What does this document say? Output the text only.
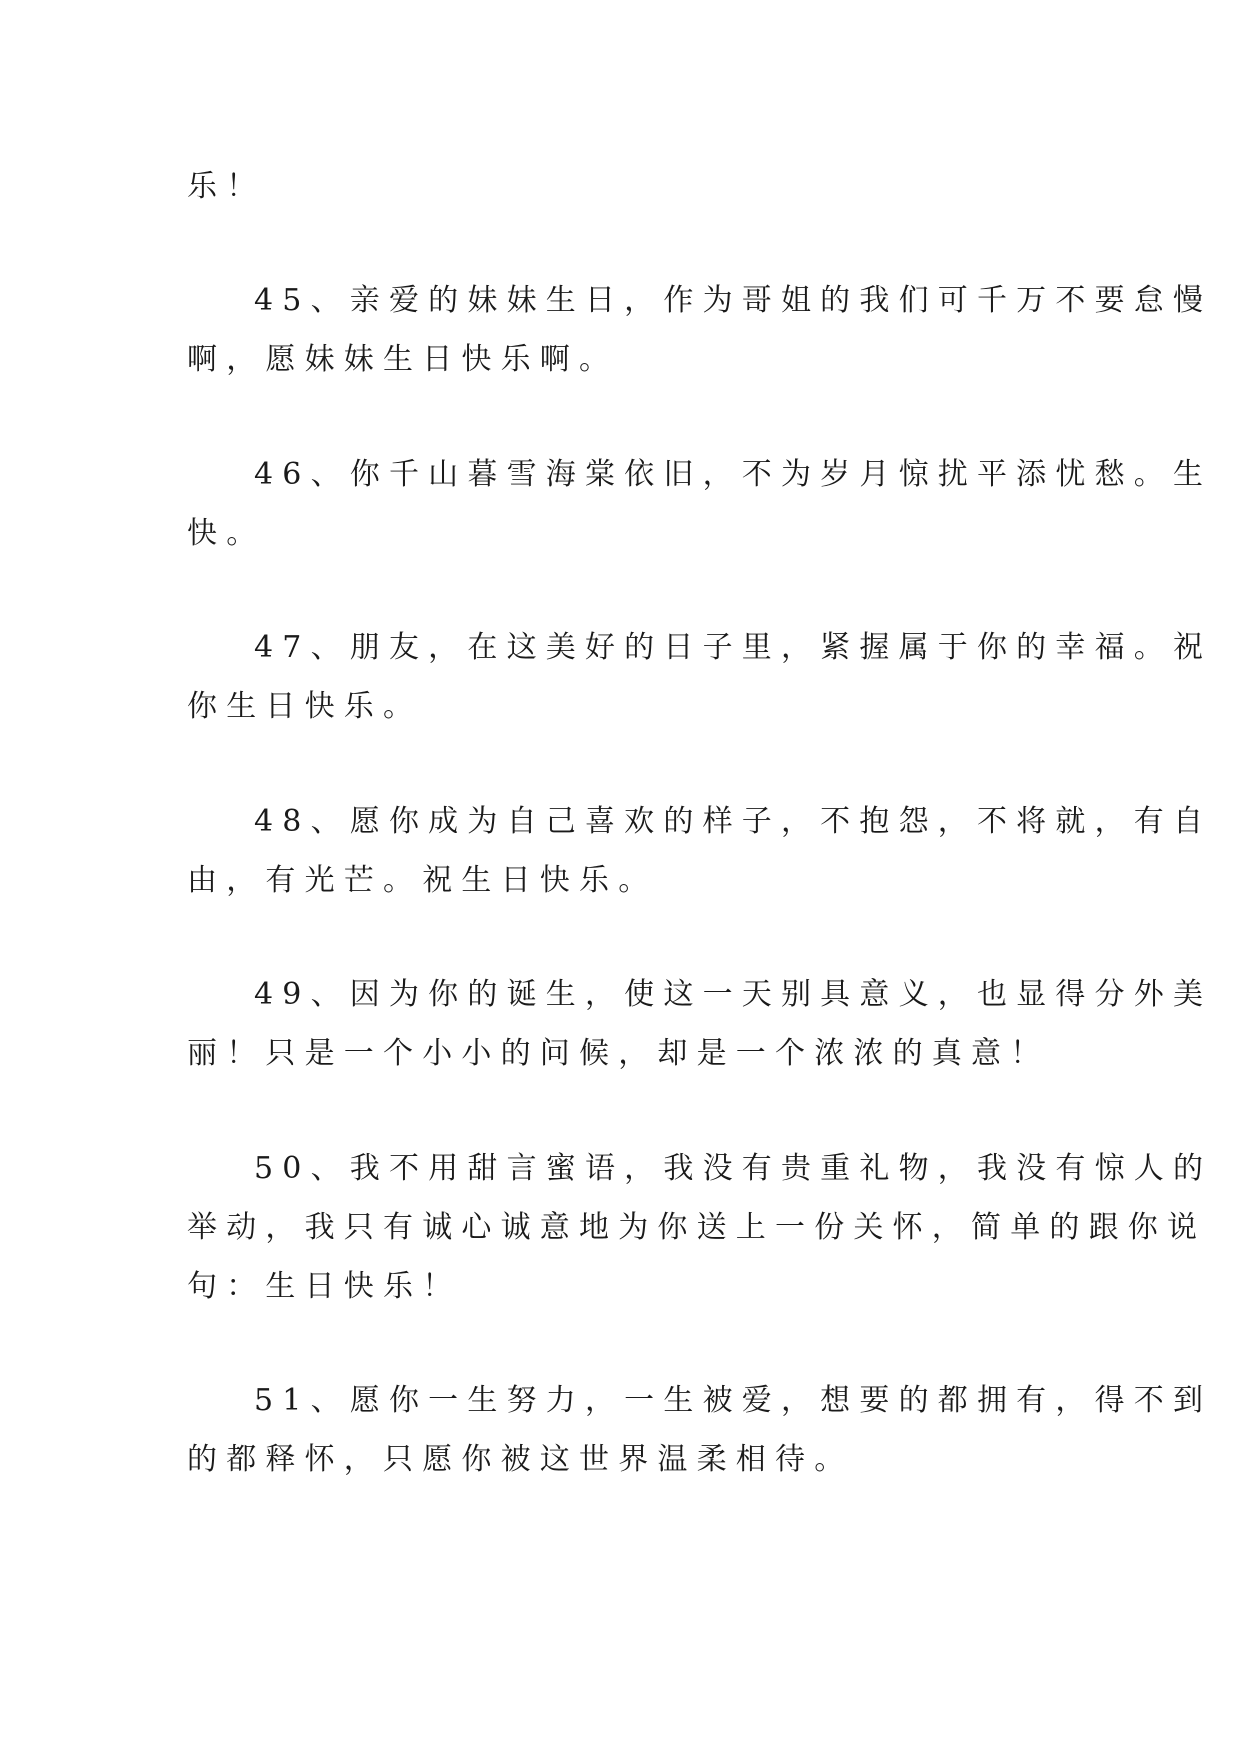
乐！
45、亲爱的妹妹生日，作为哥姐的我们可千万不要怠慢
啊，愿妹妹生日快乐啊。
46、你千山暮雪海棠依旧，不为岁月惊扰平添忧愁。生
快。
47、朋友，在这美好的日子里，紧握属于你的幸福。祝
你生日快乐。
48、愿你成为自己喜欢的样子，不抱怨，不将就，有自
由，有光芒。祝生日快乐。
49、因为你的诞生，使这一天别具意义，也显得分外美
丽！只是一个小小的问候，却是一个浓浓的真意！
50、我不用甜言蜜语，我没有贵重礼物，我没有惊人的
举动，我只有诚心诚意地为你送上一份关怀，简单的跟你说
句：生日快乐！
51、愿你一生努力，一生被爱，想要的都拥有，得不到
的都释怀，只愿你被这世界温柔相待。
